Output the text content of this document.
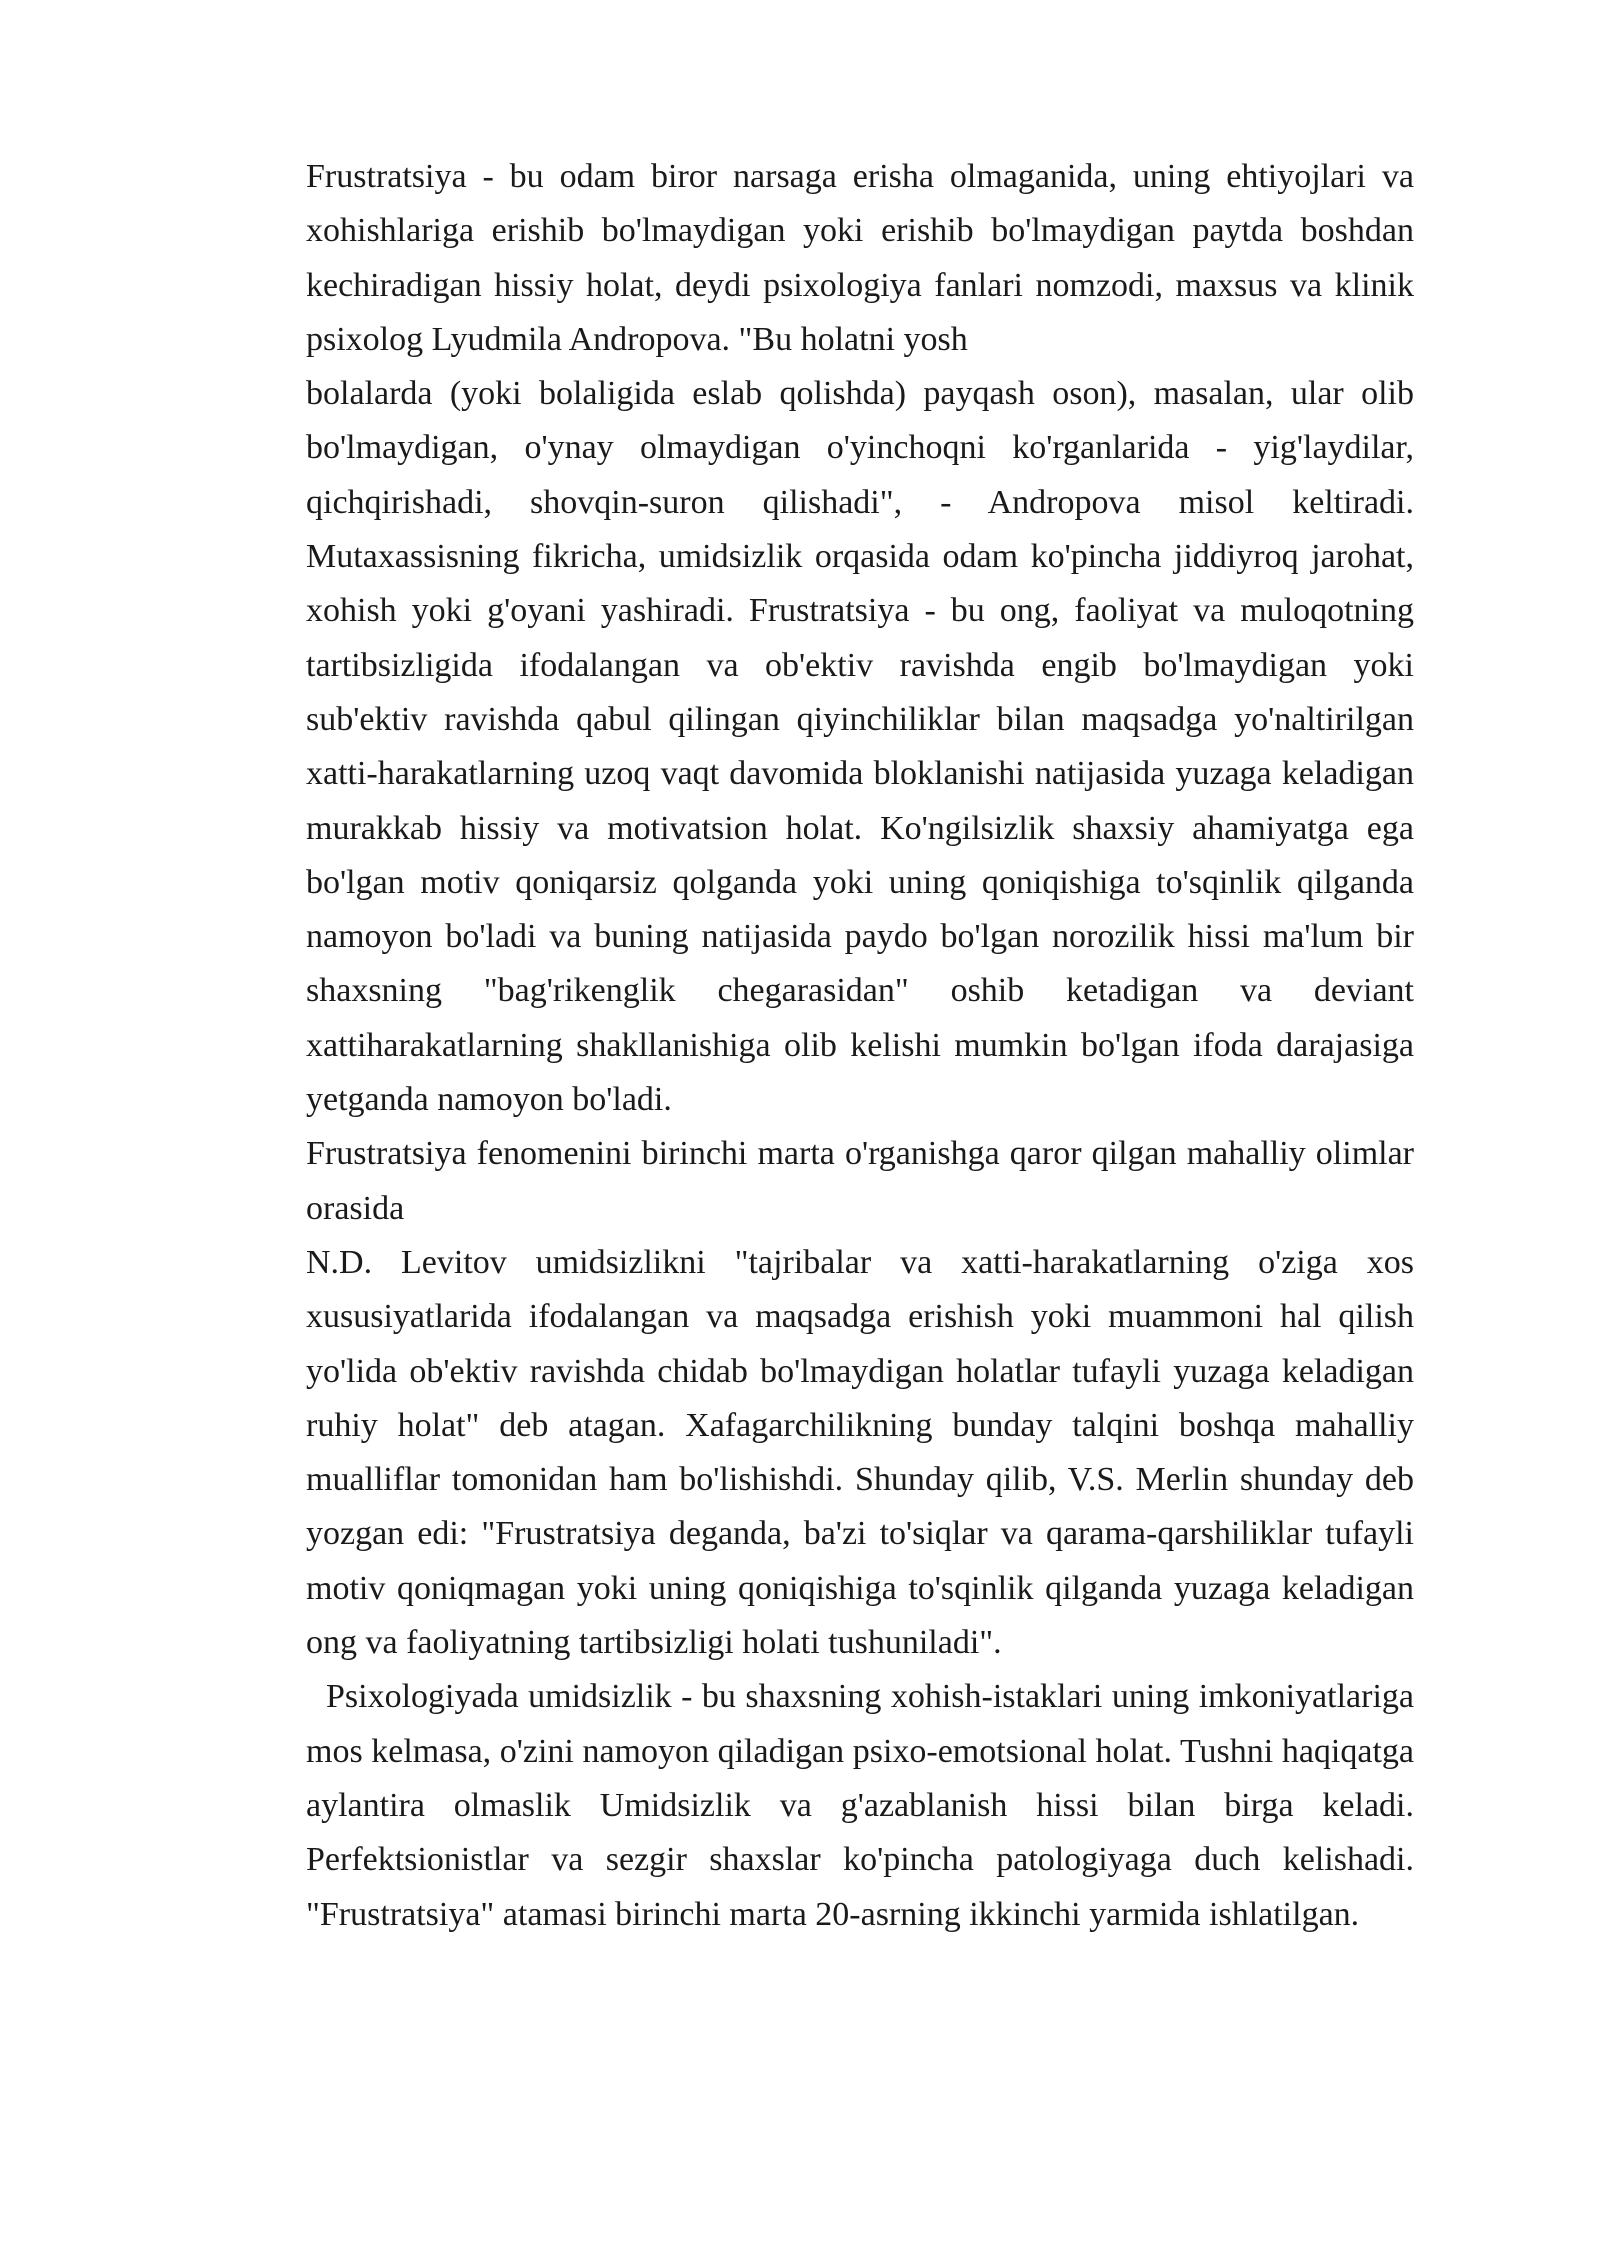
Frustratsiya - bu odam biror narsaga erisha olmaganida, uning ehtiyojlari va xohishlariga erishib bo'lmaydigan yoki erishib bo'lmaydigan paytda boshdan kechiradigan hissiy holat, deydi psixologiya fanlari nomzodi, maxsus va klinik psixolog Lyudmila Andropova. "Bu holatni yosh

bolalarda (yoki bolaligida eslab qolishda) payqash oson), masalan, ular olib bo'lmaydigan, o'ynay olmaydigan o'yinchoqni ko'rganlarida - yig'laydilar, qichqirishadi, shovqin-suron qilishadi", - Andropova misol keltiradi. Mutaxassisning fikricha, umidsizlik orqasida odam ko'pincha jiddiyroq jarohat, xohish yoki g'oyani yashiradi. Frustratsiya - bu ong, faoliyat va muloqotning tartibsizligida ifodalangan va ob'ektiv ravishda engib bo'lmaydigan yoki sub'ektiv ravishda qabul qilingan qiyinchiliklar bilan maqsadga yo'naltirilgan xatti-harakatlarning uzoq vaqt davomida bloklanishi natijasida yuzaga keladigan murakkab hissiy va motivatsion holat. Ko'ngilsizlik shaxsiy ahamiyatga ega bo'lgan motiv qoniqarsiz qolganda yoki uning qoniqishiga to'sqinlik qilganda namoyon bo'ladi va buning natijasida paydo bo'lgan norozilik hissi ma'lum bir shaxsning "bag'rikenglik chegarasidan" oshib ketadigan va deviant xattiharakatlarning shakllanishiga olib kelishi mumkin bo'lgan ifoda darajasiga yetganda namoyon bo'ladi.

Frustratsiya fenomenini birinchi marta o'rganishga qaror qilgan mahalliy olimlar orasida

N.D. Levitov umidsizlikni "tajribalar va xatti-harakatlarning o'ziga xos xususiyatlarida ifodalangan va maqsadga erishish yoki muammoni hal qilish yo'lida ob'ektiv ravishda chidab bo'lmaydigan holatlar tufayli yuzaga keladigan ruhiy holat" deb atagan. Xafagarchilikning bunday talqini boshqa mahalliy mualliflar tomonidan ham bo'lishishdi. Shunday qilib, V.S. Merlin shunday deb yozgan edi: "Frustratsiya deganda, ba'zi to'siqlar va qarama-qarshiliklar tufayli motiv qoniqmagan yoki uning qoniqishiga to'sqinlik qilganda yuzaga keladigan ong va faoliyatning tartibsizligi holati tushuniladi".

Psixologiyada umidsizlik - bu shaxsning xohish-istaklari uning imkoniyatlariga mos kelmasa, o'zini namoyon qiladigan psixo-emotsional holat. Tushni haqiqatga aylantira olmaslik Umidsizlik va g'azablanish hissi bilan birga keladi. Perfektsionistlar va sezgir shaxslar ko'pincha patologiyaga duch kelishadi. "Frustratsiya" atamasi birinchi marta 20-asrning ikkinchi yarmida ishlatilgan.
